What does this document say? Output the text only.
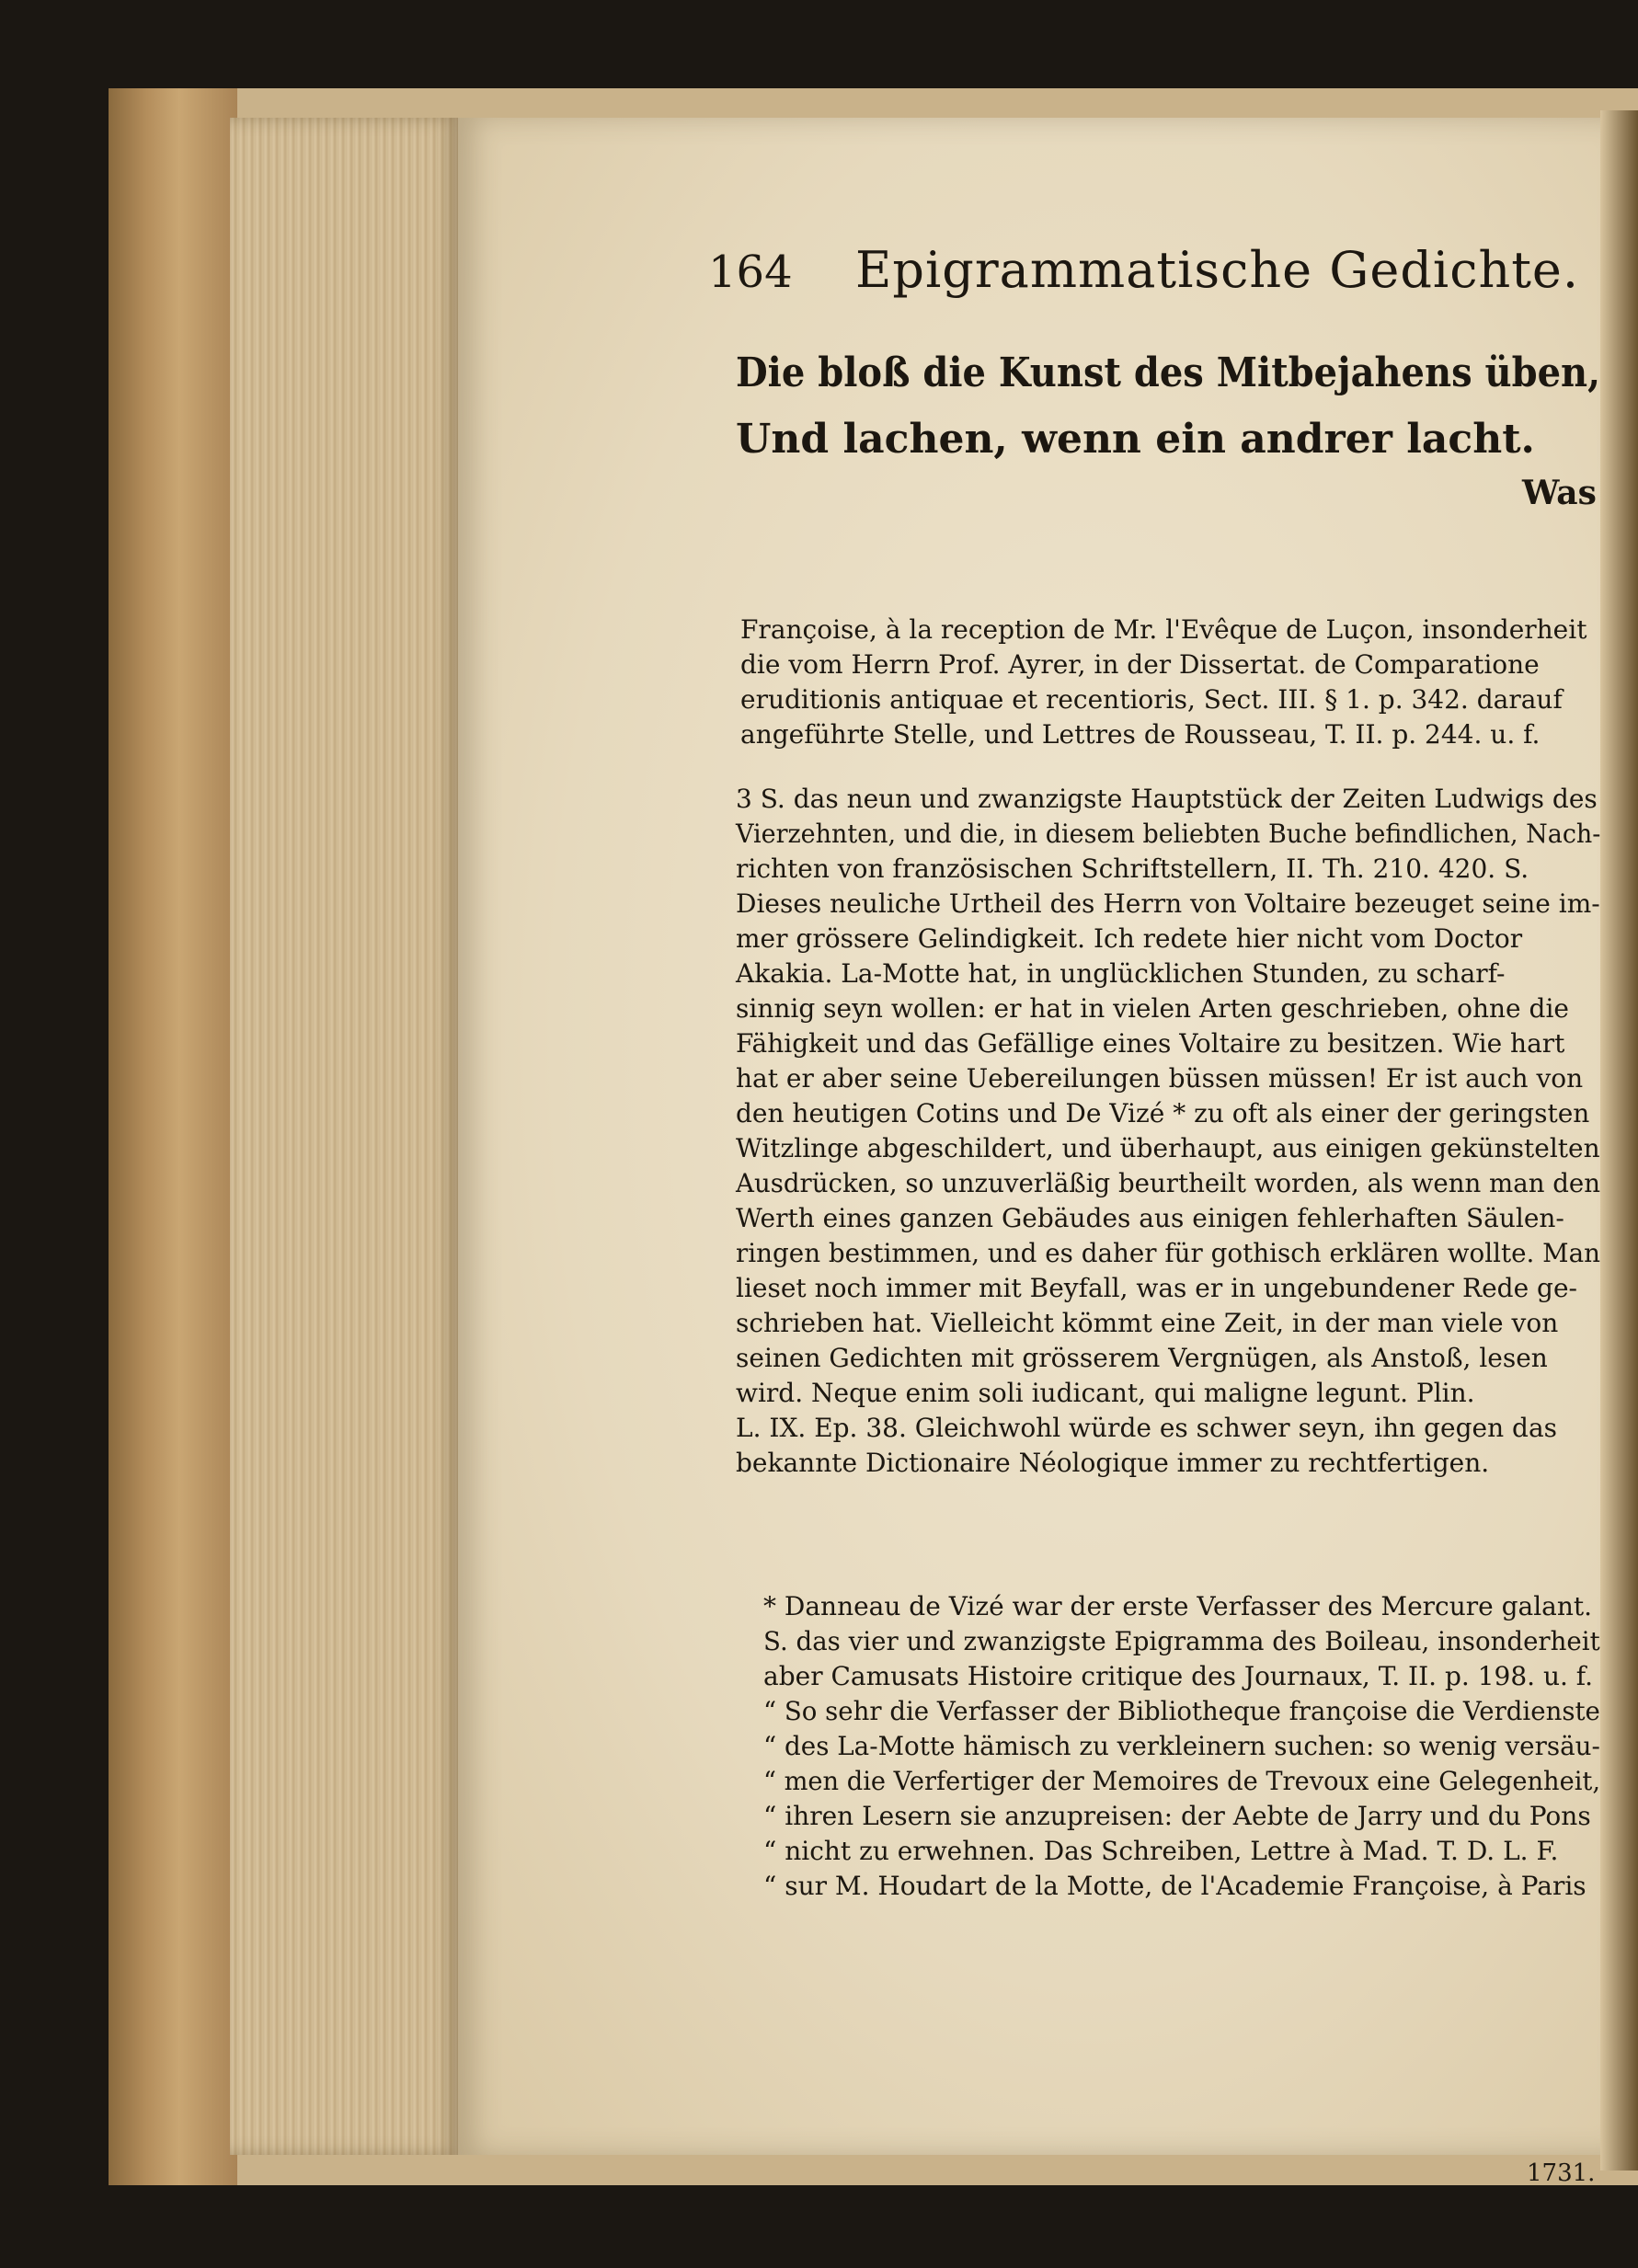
164 Epigrammatische Gedichte.
Die bloß die Kunst des Mitbejahens üben,
Und lachen, wenn ein andrer lacht.
Was
Françoise, à la reception de Mr. l'Evêque de Luçon, insonderheit
die vom Herrn Prof. Ayrer, in der Dissertat. de Comparatione
eruditionis antiquae et recentioris, Sect. III. § 1. p. 342. darauf
angeführte Stelle, und Lettres de Rousseau, T. II. p. 244. u. f.
3 S. das neun und zwanzigste Hauptstück der Zeiten Ludwigs des
Vierzehnten, und die, in diesem beliebten Buche befindlichen, Nach-
richten von französischen Schriftstellern, II. Th. 210. 420. S.
Dieses neuliche Urtheil des Herrn von Voltaire bezeuget seine im-
mer grössere Gelindigkeit. Ich redete hier nicht vom Doctor
Akakia. La-Motte hat, in unglücklichen Stunden, zu scharf-
sinnig seyn wollen: er hat in vielen Arten geschrieben, ohne die
Fähigkeit und das Gefällige eines Voltaire zu besitzen. Wie hart
hat er aber seine Uebereilungen büssen müssen! Er ist auch von
den heutigen Cotins und De Vizé * zu oft als einer der geringsten
Witzlinge abgeschildert, und überhaupt, aus einigen gekünstelten
Ausdrücken, so unzuverläßig beurtheilt worden, als wenn man den
Werth eines ganzen Gebäudes aus einigen fehlerhaften Säulen-
ringen bestimmen, und es daher für gothisch erklären wollte. Man
lieset noch immer mit Beyfall, was er in ungebundener Rede ge-
schrieben hat. Vielleicht kömmt eine Zeit, in der man viele von
seinen Gedichten mit grösserem Vergnügen, als Anstoß, lesen
wird. Neque enim soli iudicant, qui maligne legunt. Plin.
L. IX. Ep. 38. Gleichwohl würde es schwer seyn, ihn gegen das
bekannte Dictionaire Néologique immer zu rechtfertigen.
* Danneau de Vizé war der erste Verfasser des Mercure galant.
S. das vier und zwanzigste Epigramma des Boileau, insonderheit
aber Camusats Histoire critique des Journaux, T. II. p. 198. u. f.
“ So sehr die Verfasser der Bibliotheque françoise die Verdienste
“ des La-Motte hämisch zu verkleinern suchen: so wenig versäu-
“ men die Verfertiger der Memoires de Trevoux eine Gelegenheit,
“ ihren Lesern sie anzupreisen: der Aebte de Jarry und du Pons
“ nicht zu erwehnen. Das Schreiben, Lettre à Mad. T. D. L. F.
“ sur M. Houdart de la Motte, de l'Academie Françoise, à Paris
1731.
